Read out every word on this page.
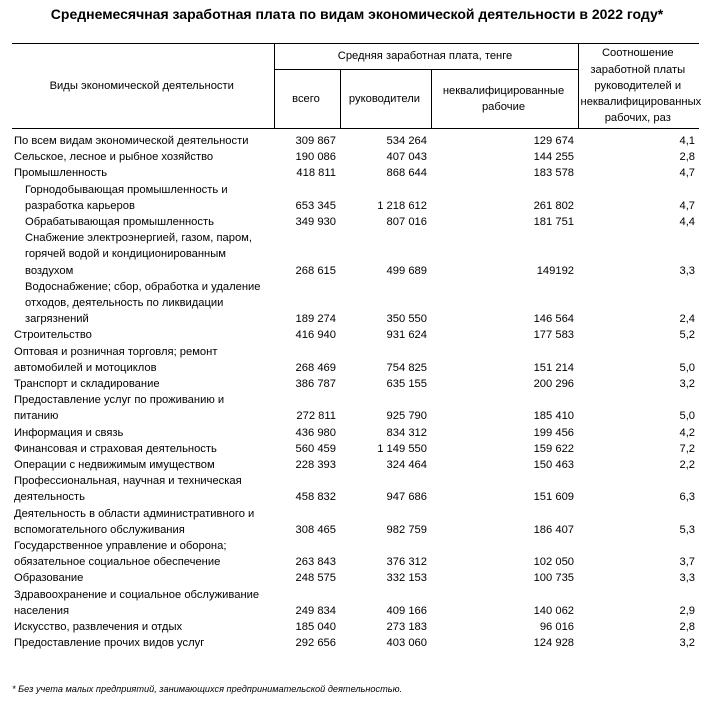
Среднемесячная заработная плата по видам экономической деятельности в 2022 году*
Виды экономической деятельности	Средняя заработная плата, тенге			Соотношение заработной платы руководителей и неквалифицированных рабочих, раз
	всего	руководители	неквалифицированные рабочие	
По всем видам экономической деятельности	309 867	534 264	129 674	4,1
Сельское, лесное и рыбное хозяйство	190 086	407 043	144 255	2,8
Промышленность	418 811	868 644	183 578	4,7
Горнодобывающая промышленность и разработка карьеров	653 345	1 218 612	261 802	4,7
Обрабатывающая промышленность	349 930	807 016	181 751	4,4
Снабжение электроэнергией, газом, паром, горячей водой и кондиционированным воздухом	268 615	499 689	149192	3,3
Водоснабжение; сбор, обработка и удаление отходов, деятельность по ликвидации загрязнений	189 274	350 550	146 564	2,4
Строительство	416 940	931 624	177 583	5,2
Оптовая и розничная торговля; ремонт автомобилей и мотоциклов	268 469	754 825	151 214	5,0
Транспорт и складирование	386 787	635 155	200 296	3,2
Предоставление услуг по проживанию и питанию	272 811	925 790	185 410	5,0
Информация и связь	436 980	834 312	199 456	4,2
Финансовая и страховая деятельность	560 459	1 149 550	159 622	7,2
Операции с недвижимым имуществом	228 393	324 464	150 463	2,2
Профессиональная, научная и техническая деятельность	458 832	947 686	151 609	6,3
Деятельность в области административного и вспомогательного обслуживания	308 465	982 759	186 407	5,3
Государственное управление и оборона; обязательное социальное обеспечение	263 843	376 312	102 050	3,7
Образование	248 575	332 153	100 735	3,3
Здравоохранение и социальное обслуживание населения	249 834	409 166	140 062	2,9
Искусство, развлечения и отдых	185 040	273 183	96 016	2,8
Предоставление прочих видов услуг	292 656	403 060	124 928	3,2
* Без учета малых предприятий, занимающихся предпринимательской деятельностью.
